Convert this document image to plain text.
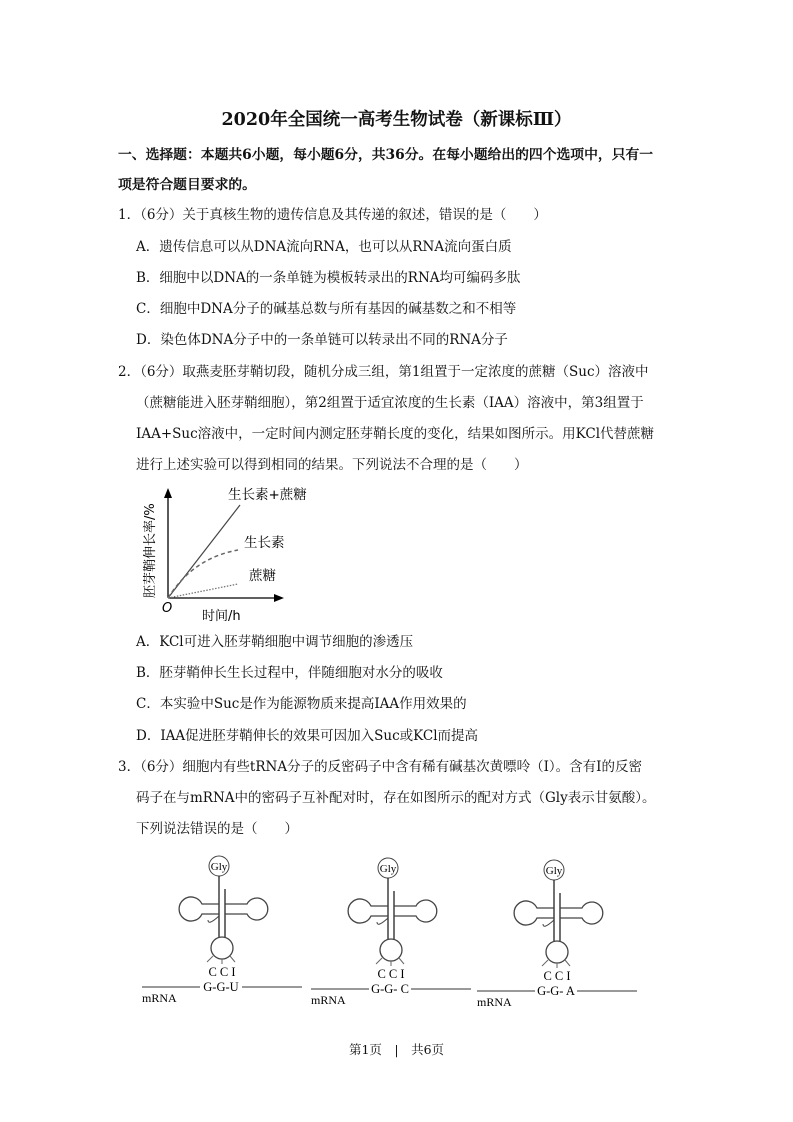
2020年全国统一高考生物试卷（新课标Ⅲ）
一、选择题：本题共6小题，每小题6分，共36分。在每小题给出的四个选项中，只有一
项是符合题目要求的。
1．（6分）关于真核生物的遗传信息及其传递的叙述，错误的是（　　）
A．遗传信息可以从DNA流向RNA，也可以从RNA流向蛋白质
B．细胞中以DNA的一条单链为模板转录出的RNA均可编码多肽
C．细胞中DNA分子的碱基总数与所有基因的碱基数之和不相等
D．染色体DNA分子中的一条单链可以转录出不同的RNA分子
2．（6分）取燕麦胚芽鞘切段，随机分成三组，第1组置于一定浓度的蔗糖（Suc）溶液中
（蔗糖能进入胚芽鞘细胞），第2组置于适宜浓度的生长素（IAA）溶液中，第3组置于
IAA+Suc溶液中，一定时间内测定胚芽鞘长度的变化，结果如图所示。用KCl代替蔗糖
进行上述实验可以得到相同的结果。下列说法不合理的是（　　）
胚芽鞘伸长率/%
O
时间/h
生长素+蔗糖
生长素
蔗糖
A．KCl可进入胚芽鞘细胞中调节细胞的渗透压
B．胚芽鞘伸长生长过程中，伴随细胞对水分的吸收
C．本实验中Suc是作为能源物质来提高IAA作用效果的
D．IAA促进胚芽鞘伸长的效果可因加入Suc或KCl而提高
3．（6分）细胞内有些tRNA分子的反密码子中含有稀有碱基次黄嘌呤（I）。含有I的反密
码子在与mRNA中的密码子互补配对时，存在如图所示的配对方式（Gly表示甘氨酸）。
下列说法错误的是（　　）
Gly
C C I
G-G-U
mRNA
Gly
C C I
G-G- C
mRNA
Gly
C C I
G-G- A
mRNA
第1页　|　共6页
